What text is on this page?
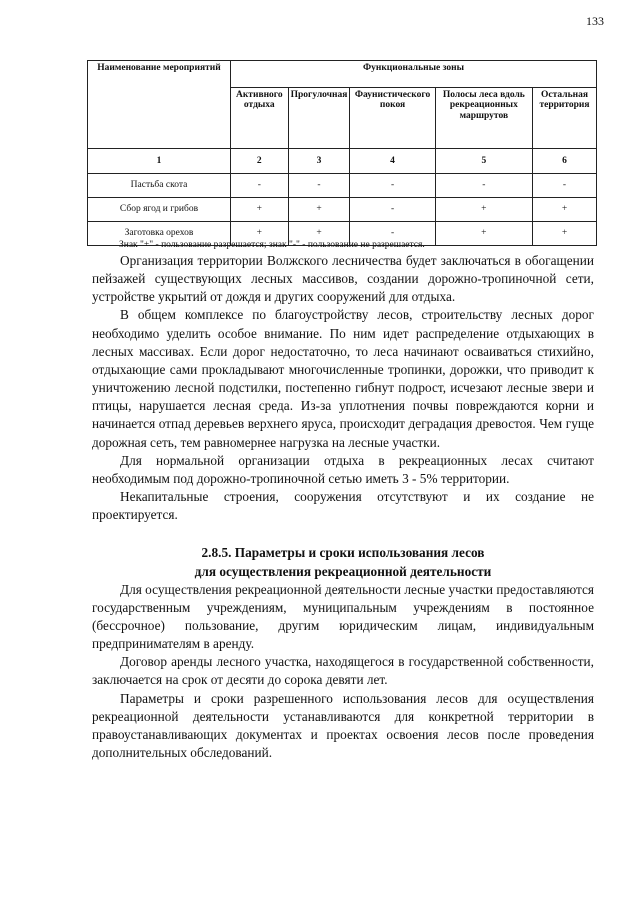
133
Наименование мероприятий	Функциональные зоны				
	Активного отдыха	Прогулочная	Фаунистического покоя	Полосы леса вдоль рекреационных маршрутов	Остальная территория
1	2	3	4	5	6
Пастьба скота	-	-	-	-	-
Сбор ягод и грибов	+	+	-	+	+
Заготовка орехов	+	+	-	+	+
Знак "+" - пользование разрешается; знак "-" - пользование не разрешается.

Организация территории Волжского лесничества будет заключаться в обогащении пейзажей существующих лесных массивов, создании дорожно-тропиночной сети, устройстве укрытий от дождя и других сооружений для отдыха.

В общем комплексе по благоустройству лесов, строительству лесных дорог необходимо уделить особое внимание. По ним идет распределение отдыхающих в лесных массивах. Если дорог недостаточно, то леса начинают осваиваться стихийно, отдыхающие сами прокладывают многочисленные тропинки, дорожки, что приводит к уничтожению лесной подстилки, постепенно гибнут подрост, исчезают лесные звери и птицы, нарушается лесная среда. Из-за уплотнения почвы повреждаются корни и начинается отпад деревьев верхнего яруса, происходит деградация древостоя. Чем гуще дорожная сеть, тем равномернее нагрузка на лесные участки.

Для нормальной организации отдыха в рекреационных лесах считают необходимым под дорожно-тропиночной сетью иметь 3 - 5% территории.

Некапитальные строения, сооружения отсутствуют и их создание не проектируется.

2.8.5. Параметры и сроки использования лесов
для осуществления рекреационной деятельности

Для осуществления рекреационной деятельности лесные участки предоставляются государственным учреждениям, муниципальным учреждениям в постоянное (бессрочное) пользование, другим юридическим лицам, индивидуальным предпринимателям в аренду.

Договор аренды лесного участка, находящегося в государственной собственности, заключается на срок от десяти до сорока девяти лет.

Параметры и сроки разрешенного использования лесов для осуществления рекреационной деятельности устанавливаются для конкретной территории в правоустанавливающих документах и проектах освоения лесов после проведения дополнительных обследований.
